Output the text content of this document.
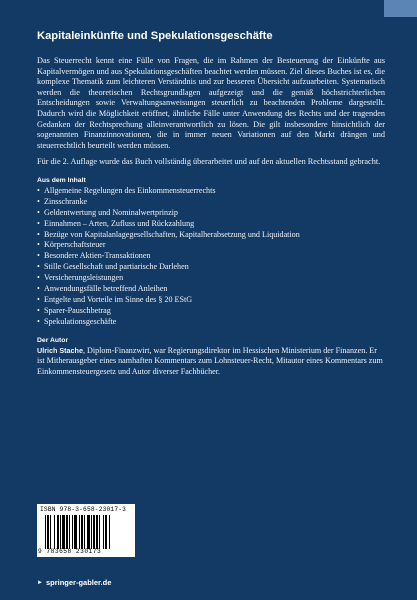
Kapitaleinkünfte und Spekulationsgeschäfte

Das Steuerrecht kennt eine Fülle von Fragen, die im Rahmen der Besteuerung der Einkünfte aus Kapitalvermögen und aus Spekulationsgeschäften beachtet werden müssen. Ziel dieses Buches ist es, die komplexe Thematik zum leichteren Verständnis und zur besseren Übersicht aufzuarbeiten. Systematisch werden die theoretischen Rechtsgrundlagen aufgezeigt und die gemäß höchstrichterlichen Entscheidungen sowie Verwaltungsanweisungen steuerlich zu beachtenden Probleme dargestellt. Dadurch wird die Möglichkeit eröffnet, ähnliche Fälle unter Anwendung des Rechts und der tragenden Gedanken der Rechtsprechung alleinverantwortlich zu lösen. Die gilt insbesondere hinsichtlich der sogenannten Finanzinnovationen, die in immer neuen Variationen auf den Markt drängen und steuerrechtlich beurteilt werden müssen.

Für die 2. Auflage wurde das Buch vollständig überarbeitet und auf den aktuellen Rechtsstand gebracht.

Aus dem Inhalt
• Allgemeine Regelungen des Einkommensteuerrechts
• Zinsschranke
• Geldentwertung und Nominalwertprinzip
• Einnahmen – Arten, Zufluss und Rückzahlung
• Bezüge von Kapitalanlagegesellschaften, Kapitalherabsetzung und Liquidation
• Körperschaftsteuer
• Besondere Aktien-Transaktionen
• Stille Gesellschaft und partiarische Darlehen
• Versicherungsleistungen
• Anwendungsfälle betreffend Anleihen
• Entgelte und Vorteile im Sinne des § 20 EStG
• Sparer-Pauschbetrag
• Spekulationsgeschäfte
Der Autor

Ulrich Stache, Diplom-Finanzwirt, war Regierungsdirektor im Hessischen Ministerium der Finanzen. Er ist Mitherausgeber eines namhaften Kommentars zum Lohnsteuer-Recht, Mitautor eines Kommentars zum Einkommensteuergesetz und Autor diverser Fachbücher.

ISBN 978-3-658-23017-3
9 783658 230173
► springer-gabler.de
